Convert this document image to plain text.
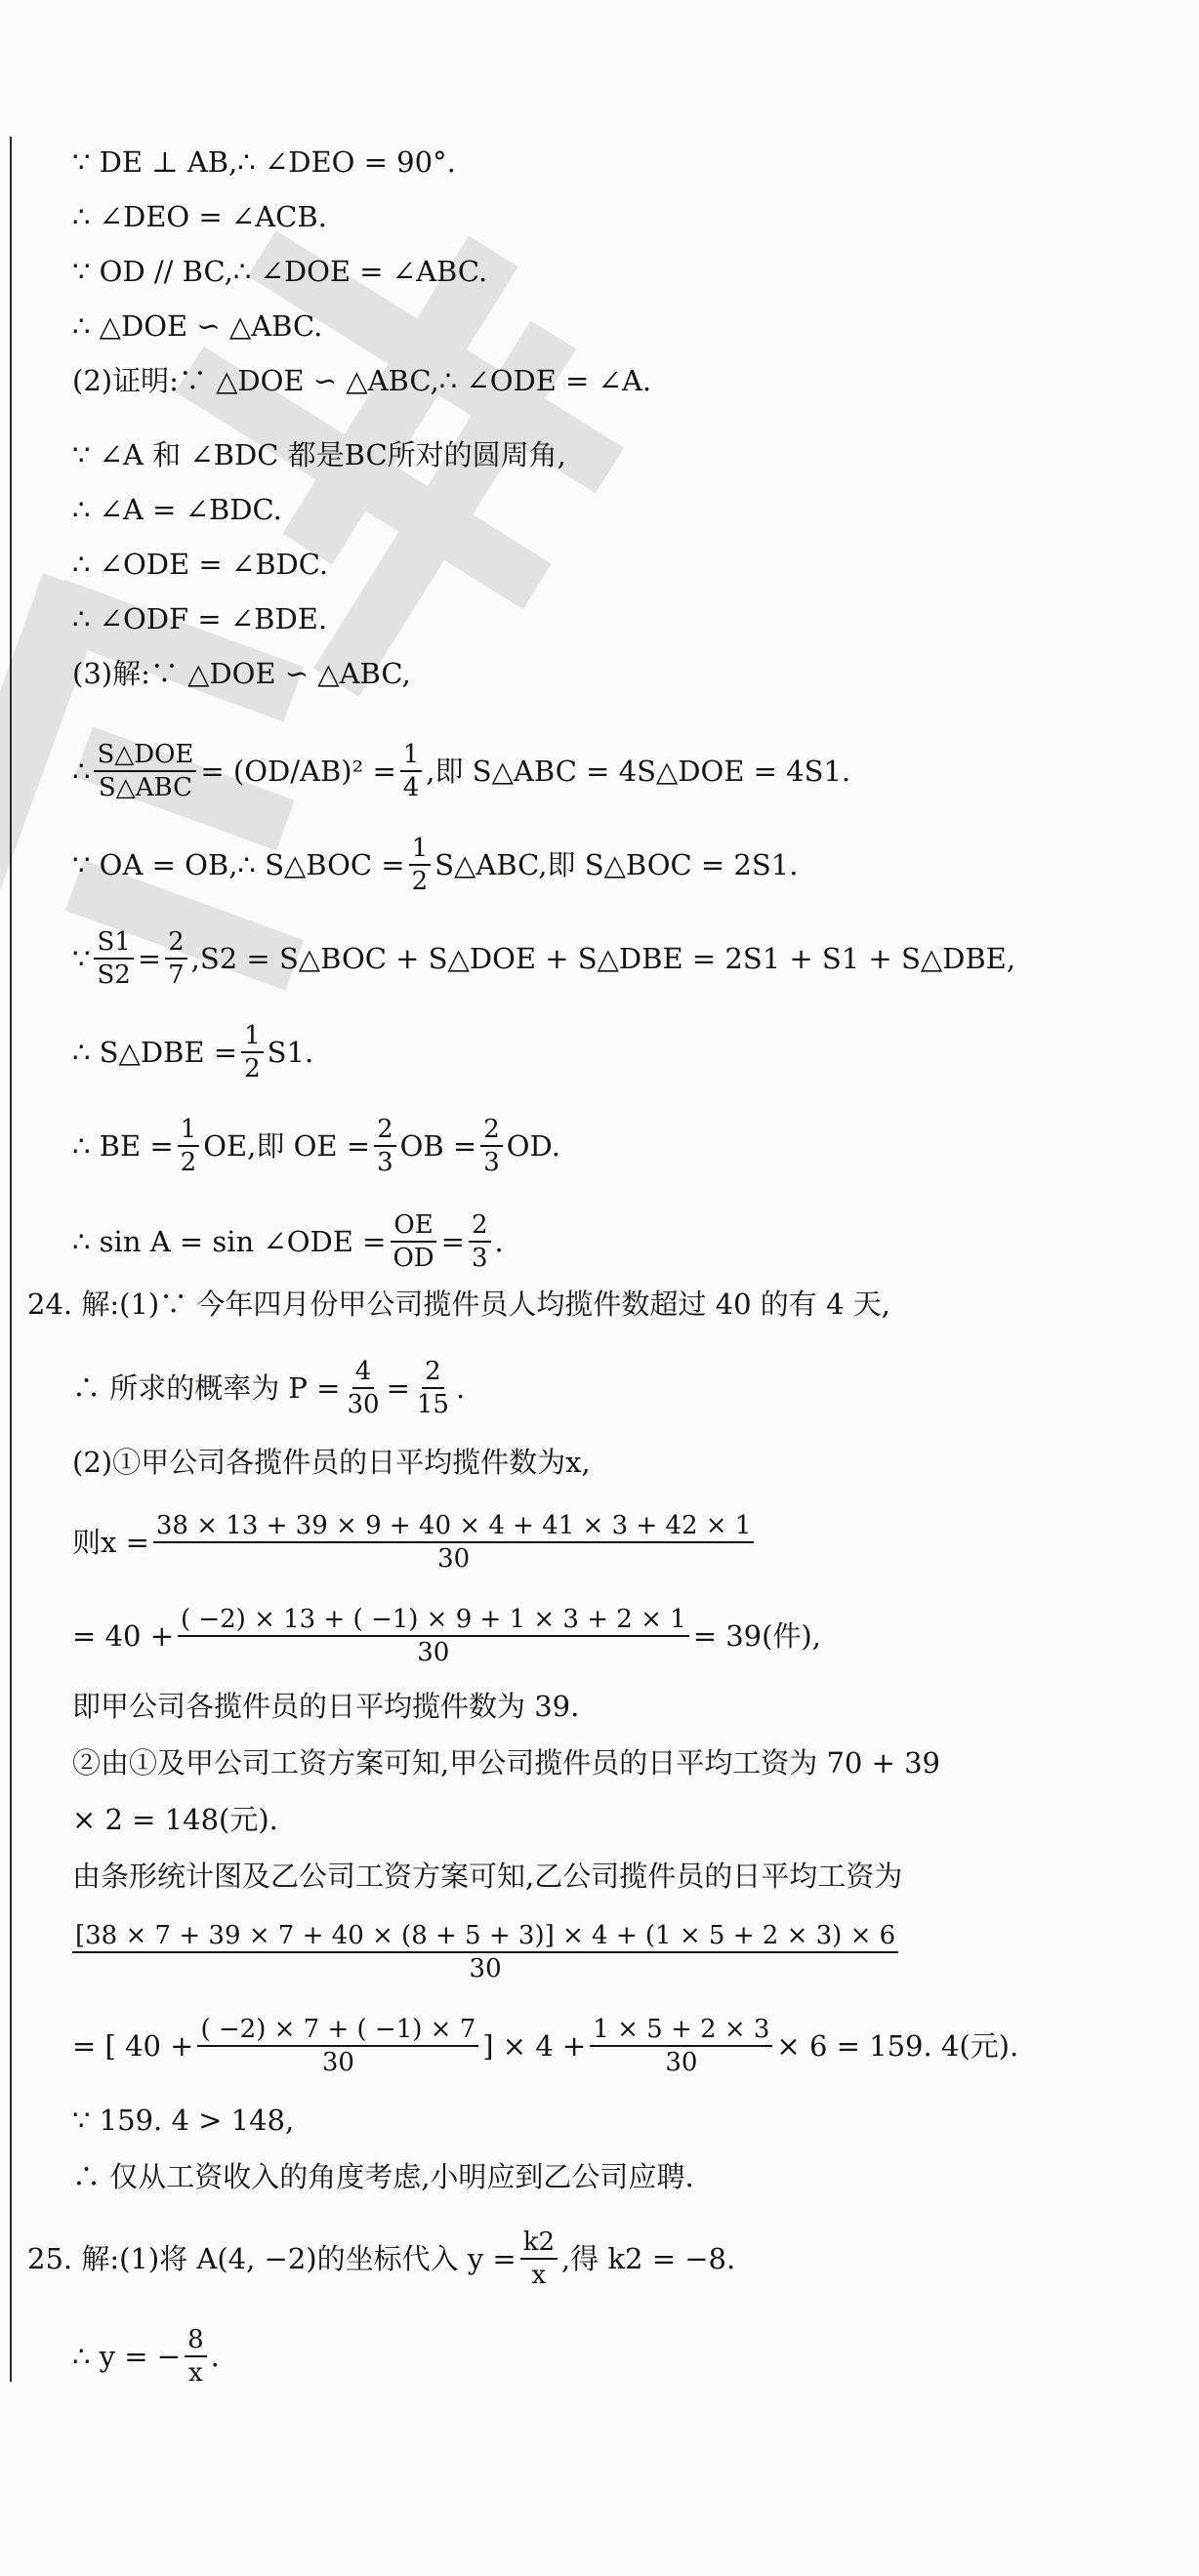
∵ DE ⊥ AB,∴ ∠DEO = 90°.
∴ ∠DEO = ∠ACB.
∵ OD // BC,∴ ∠DOE = ∠ABC.
∴ △DOE ∽ △ABC.
(2)证明:∵ △DOE ∽ △ABC,∴ ∠ODE = ∠A.
∵ ∠A 和 ∠BDC 都是BC所对的圆周角,
∴ ∠A = ∠BDC.
∴ ∠ODE = ∠BDC.
∴ ∠ODF = ∠BDE.
(3)解:∵ △DOE ∽ △ABC,
∴ $\frac{\text{S△DOE}}{\text{S△ABC}} = (OD/AB)^2 = \frac{1}{4}$ ,即 S△ABC = 4S△DOE = 4S1.
∵ OA = OB,∴ S△BOC = $\frac{1}{2}$ S△ABC,即 S△BOC = 2S1.
∵ $\frac{S1}{S2} = \frac{2}{7} ,S2$ = S△BOC + S△DOE + S△DBE = 2S1 + S1 + S△DBE,
∴ S△DBE = $\frac{1}{2} S1$.
∴ BE = $\frac{1}{2}$ OE,即 OE = $\frac{2}{3}$ OB = $\frac{2}{3}$ OD.
∴ sin A = sin ∠ODE = $\frac{OE}{OD} = \frac{2}{3}$ .
24. 解:(1)∵ 今年四月份甲公司揽件员人均揽件数超过 40 的有 4 天,
∴ 所求的概率为 $P = \frac{4}{30} = \frac{2}{15}$ .
(2)①甲公司各揽件员的日平均揽件数为x,
则$x = \frac{38 \times 13 + 39 \times 9 + 40 \times 4 + 41 \times 3 + 42 \times 1}{30}$
= $40 + \frac{( -2) \times 13 + ( -1) \times 9 + 1 \times 3 + 2 \times 1}{30} = 39$(件),
即甲公司各揽件员的日平均揽件数为 39.
②由①及甲公司工资方案可知,甲公司揽件员的日平均工资为 70 + 39
× 2 = 148(元).
由条形统计图及乙公司工资方案可知,乙公司揽件员的日平均工资为
[38 × 7 + 39 × 7 + 40 × (8 + 5 + 3)] × 4 + (1 × 5 + 2 × 3) × 6
30
= [ $40 + \frac{( -2) \times 7 + ( -1) \times 7}{30}$ ] × $4 + \frac{1 \times 5 + 2 \times 3}{30} \times 6 = 159$. 4(元).
∵ 159. 4 > 148,
∴ 仅从工资收入的角度考虑,小明应到乙公司应聘.
25. 解:(1)将 A(4, −2)的坐标代入 $y = \frac{k2}{x}$ ,得 k2 = −8.
∴ y = − $\frac{8}{x}$ .
